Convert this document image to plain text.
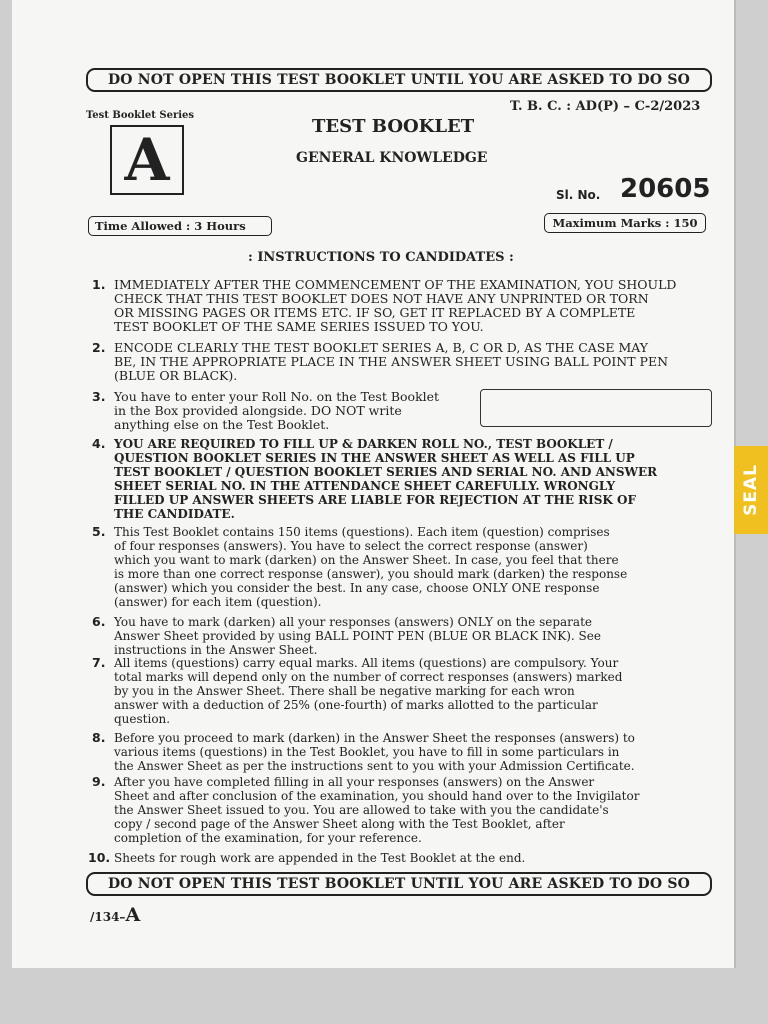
DO NOT OPEN THIS TEST BOOKLET UNTIL YOU ARE ASKED TO DO SO
Test Booklet Series
A
T. B. C. : AD(P) – C-2/2023
TEST BOOKLET
GENERAL KNOWLEDGE
Sl. No. 20605
Time Allowed : 3 Hours	Maximum Marks : 150
: INSTRUCTIONS TO CANDIDATES :
1. IMMEDIATELY AFTER THE COMMENCEMENT OF THE EXAMINATION, YOU SHOULD
CHECK THAT THIS TEST BOOKLET DOES NOT HAVE ANY UNPRINTED OR TORN
OR MISSING PAGES OR ITEMS ETC. IF SO, GET IT REPLACED BY A COMPLETE
TEST BOOKLET OF THE SAME SERIES ISSUED TO YOU.
2. ENCODE CLEARLY THE TEST BOOKLET SERIES A, B, C OR D, AS THE CASE MAY
BE, IN THE APPROPRIATE PLACE IN THE ANSWER SHEET USING BALL POINT PEN
(BLUE OR BLACK).
3. You have to enter your Roll No. on the Test Booklet
in the Box provided alongside. DO NOT write
anything else on the Test Booklet.
4. YOU ARE REQUIRED TO FILL UP & DARKEN ROLL NO., TEST BOOKLET /
QUESTION BOOKLET SERIES IN THE ANSWER SHEET AS WELL AS FILL UP
TEST BOOKLET / QUESTION BOOKLET SERIES AND SERIAL NO. AND ANSWER
SHEET SERIAL NO. IN THE ATTENDANCE SHEET CAREFULLY. WRONGLY
FILLED UP ANSWER SHEETS ARE LIABLE FOR REJECTION AT THE RISK OF
THE CANDIDATE.
5. This Test Booklet contains 150 items (questions). Each item (question) comprises
of four responses (answers). You have to select the correct response (answer)
which you want to mark (darken) on the Answer Sheet. In case, you feel that there
is more than one correct response (answer), you should mark (darken) the response
(answer) which you consider the best. In any case, choose ONLY ONE response
(answer) for each item (question).
6. You have to mark (darken) all your responses (answers) ONLY on the separate
Answer Sheet provided by using BALL POINT PEN (BLUE OR BLACK INK). See
instructions in the Answer Sheet.
7. All items (questions) carry equal marks. All items (questions) are compulsory. Your
total marks will depend only on the number of correct responses (answers) marked
by you in the Answer Sheet. There shall be negative marking for each wron
answer with a deduction of 25% (one-fourth) of marks allotted to the particular
question.
8. Before you proceed to mark (darken) in the Answer Sheet the responses (answers) to
various items (questions) in the Test Booklet, you have to fill in some particulars in
the Answer Sheet as per the instructions sent to you with your Admission Certificate.
9. After you have completed filling in all your responses (answers) on the Answer
Sheet and after conclusion of the examination, you should hand over to the Invigilator
the Answer Sheet issued to you. You are allowed to take with you the candidate's
copy / second page of the Answer Sheet along with the Test Booklet, after
completion of the examination, for your reference.
10. Sheets for rough work are appended in the Test Booklet at the end.
DO NOT OPEN THIS TEST BOOKLET UNTIL YOU ARE ASKED TO DO SO
/134–A
SEAL
